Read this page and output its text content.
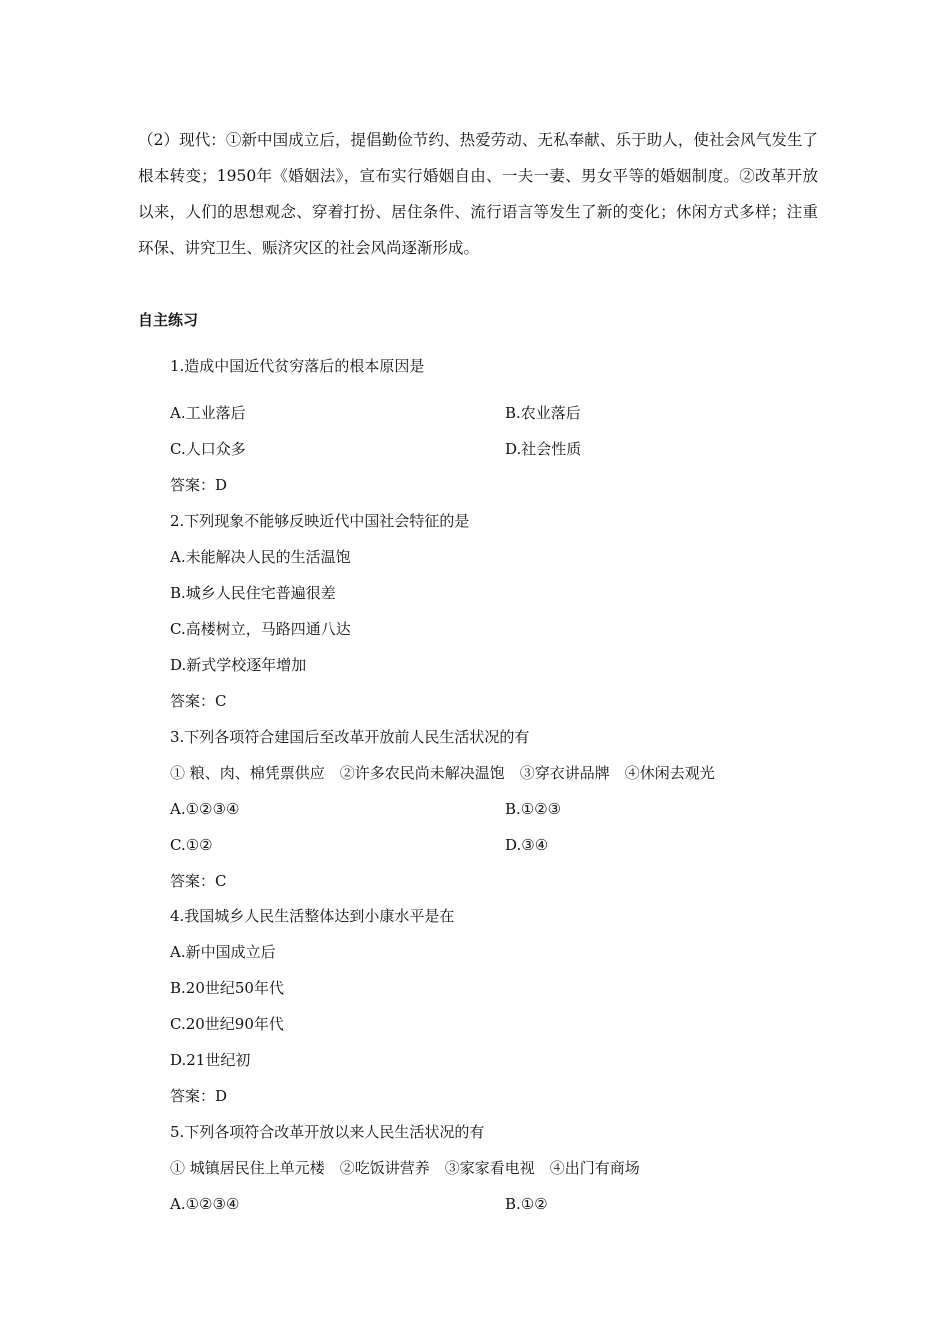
（2）现代：①新中国成立后，提倡勤俭节约、热爱劳动、无私奉献、乐于助人，使社会风气发生了根本转变；1950年《婚姻法》，宣布实行婚姻自由、一夫一妻、男女平等的婚姻制度。②改革开放以来，人们的思想观念、穿着打扮、居住条件、流行语言等发生了新的变化；休闲方式多样；注重环保、讲究卫生、赈济灾区的社会风尚逐渐形成。

自主练习
1.造成中国近代贫穷落后的根本原因是
A.工业落后	B.农业落后
C.人口众多	D.社会性质
答案：D
2.下列现象不能够反映近代中国社会特征的是
A.未能解决人民的生活温饱
B.城乡人民住宅普遍很差
C.高楼树立，马路四通八达
D.新式学校逐年增加
答案：C
3.下列各项符合建国后至改革开放前人民生活状况的有
① 粮、肉、棉凭票供应　②许多农民尚未解决温饱　③穿衣讲品牌　④休闲去观光
A.①②③④	B.①②③
C.①②	D.③④
答案：C
4.我国城乡人民生活整体达到小康水平是在
A.新中国成立后
B.20世纪50年代
C.20世纪90年代
D.21世纪初
答案：D
5.下列各项符合改革开放以来人民生活状况的有
① 城镇居民住上单元楼　②吃饭讲营养　③家家看电视　④出门有商场
A.①②③④	B.①②
